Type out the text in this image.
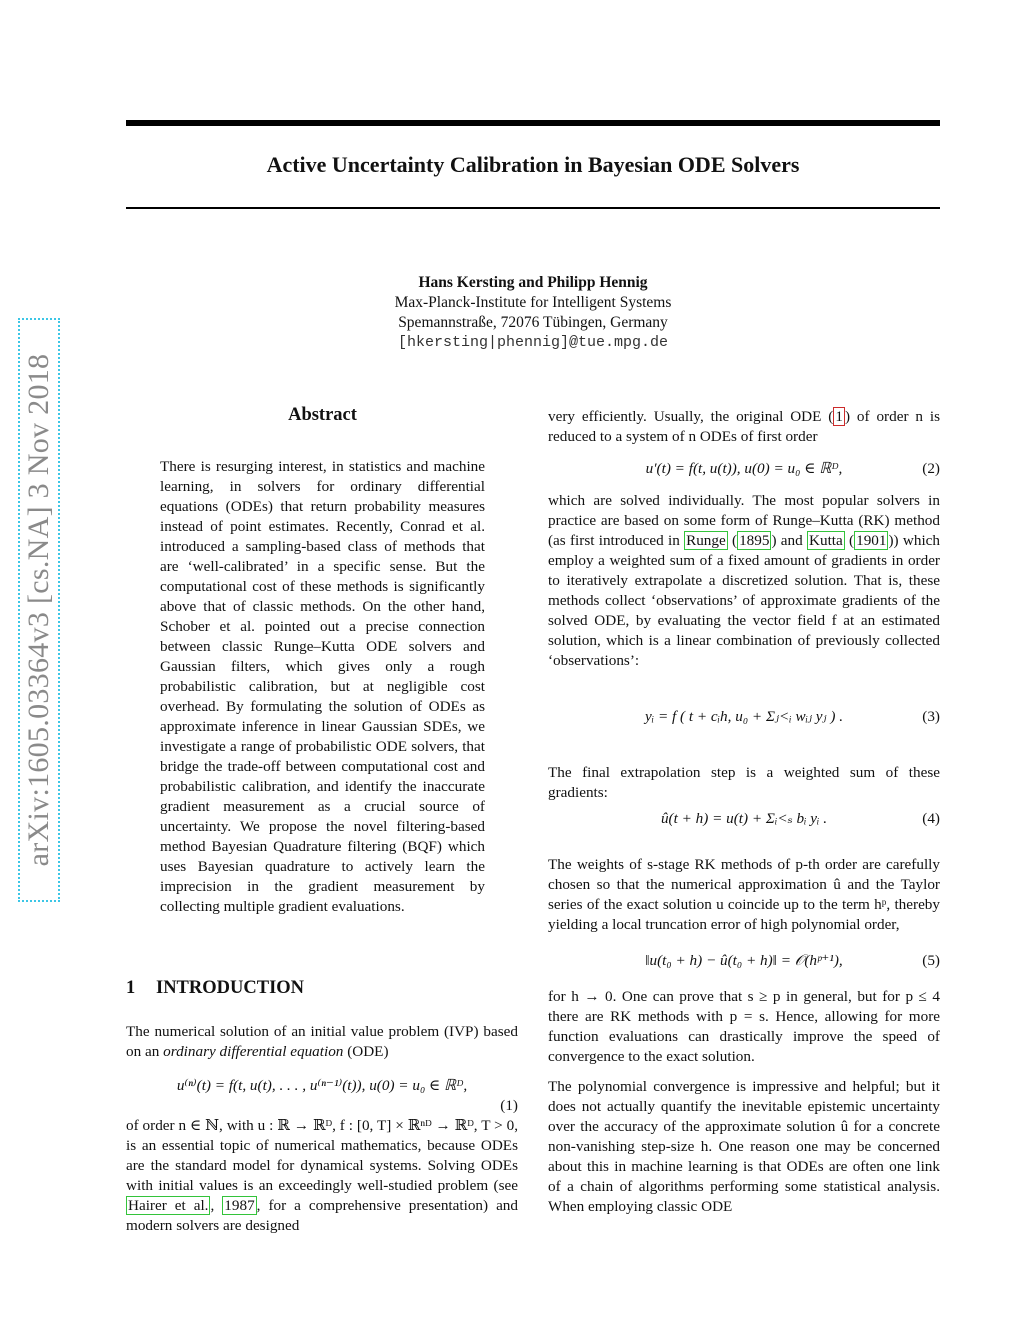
Active Uncertainty Calibration in Bayesian ODE Solvers
Hans Kersting and Philipp Hennig
Max-Planck-Institute for Intelligent Systems
Spemannstraße, 72076 Tübingen, Germany
[hkersting|phennig]@tue.mpg.de
arXiv:1605.03364v3 [cs.NA] 3 Nov 2018	Abstract

There is resurging interest, in statistics and machine learning, in solvers for ordinary differential equations (ODEs) that return probability measures instead of point estimates. Recently, Conrad et al. introduced a sampling-based class of methods that are ‘well-calibrated’ in a specific sense. But the computational cost of these methods is significantly above that of classic methods. On the other hand, Schober et al. pointed out a precise connection between classic Runge–Kutta ODE solvers and Gaussian filters, which gives only a rough probabilistic calibration, but at negligible cost overhead. By formulating the solution of ODEs as approximate inference in linear Gaussian SDEs, we investigate a range of probabilistic ODE solvers, that bridge the trade-off between computational cost and probabilistic calibration, and identify the inaccurate gradient measurement as a crucial source of uncertainty. We propose the novel filtering-based method Bayesian Quadrature filtering (BQF) which uses Bayesian quadrature to actively learn the imprecision in the gradient measurement by collecting multiple gradient evaluations.

1 INTRODUCTION

The numerical solution of an initial value problem (IVP) based on an ordinary differential equation (ODE)

u⁽ⁿ⁾(t) = f(t, u(t), . . . , u⁽ⁿ⁻¹⁾(t)), u(0) = u₀ ∈ ℝᴰ,
(1)

of order n ∈ ℕ, with u : ℝ → ℝᴰ, f : [0, T] × ℝⁿᴰ → ℝᴰ, T > 0, is an essential topic of numerical mathematics, because ODEs are the standard model for dynamical systems. Solving ODEs with initial values is an exceedingly well-studied problem (see Hairer et al. , 1987 , for a comprehensive presentation) and modern solvers are designed

very efficiently. Usually, the original ODE ( 1 ) of order n is reduced to a system of n ODEs of first order

u′(t) = f(t, u(t)), u(0) = u₀ ∈ ℝᴰ,	(2)

which are solved individually. The most popular solvers in practice are based on some form of Runge–Kutta (RK) method (as first introduced in Runge ( 1895 ) and Kutta ( 1901 )) which employ a weighted sum of a fixed amount of gradients in order to iteratively extrapolate a discretized solution. That is, these methods collect ‘observations’ of approximate gradients of the solved ODE, by evaluating the vector field f at an estimated solution, which is a linear combination of previously collected ‘observations’:

yᵢ = f ( t + cᵢh, u₀ + Σⱼ<ᵢ wᵢⱼ yⱼ ) .	(3)

The final extrapolation step is a weighted sum of these gradients:

û(t + h) = u(t) + Σᵢ<ₛ bᵢ yᵢ .	(4)

The weights of s-stage RK methods of p-th order are carefully chosen so that the numerical approximation û and the Taylor series of the exact solution u coincide up to the term hᵖ, thereby yielding a local truncation error of high polynomial order,

‖u(t₀ + h) − û(t₀ + h)‖ = 𝒪(hᵖ⁺¹),	(5)

for h → 0. One can prove that s ≥ p in general, but for p ≤ 4 there are RK methods with p = s. Hence, allowing for more function evaluations can drastically improve the speed of convergence to the exact solution.

The polynomial convergence is impressive and helpful; but it does not actually quantify the inevitable epistemic uncertainty over the accuracy of the approximate solution û for a concrete non-vanishing step-size h. One reason one may be concerned about this in machine learning is that ODEs are often one link of a chain of algorithms performing some statistical analysis. When employing classic ODE
